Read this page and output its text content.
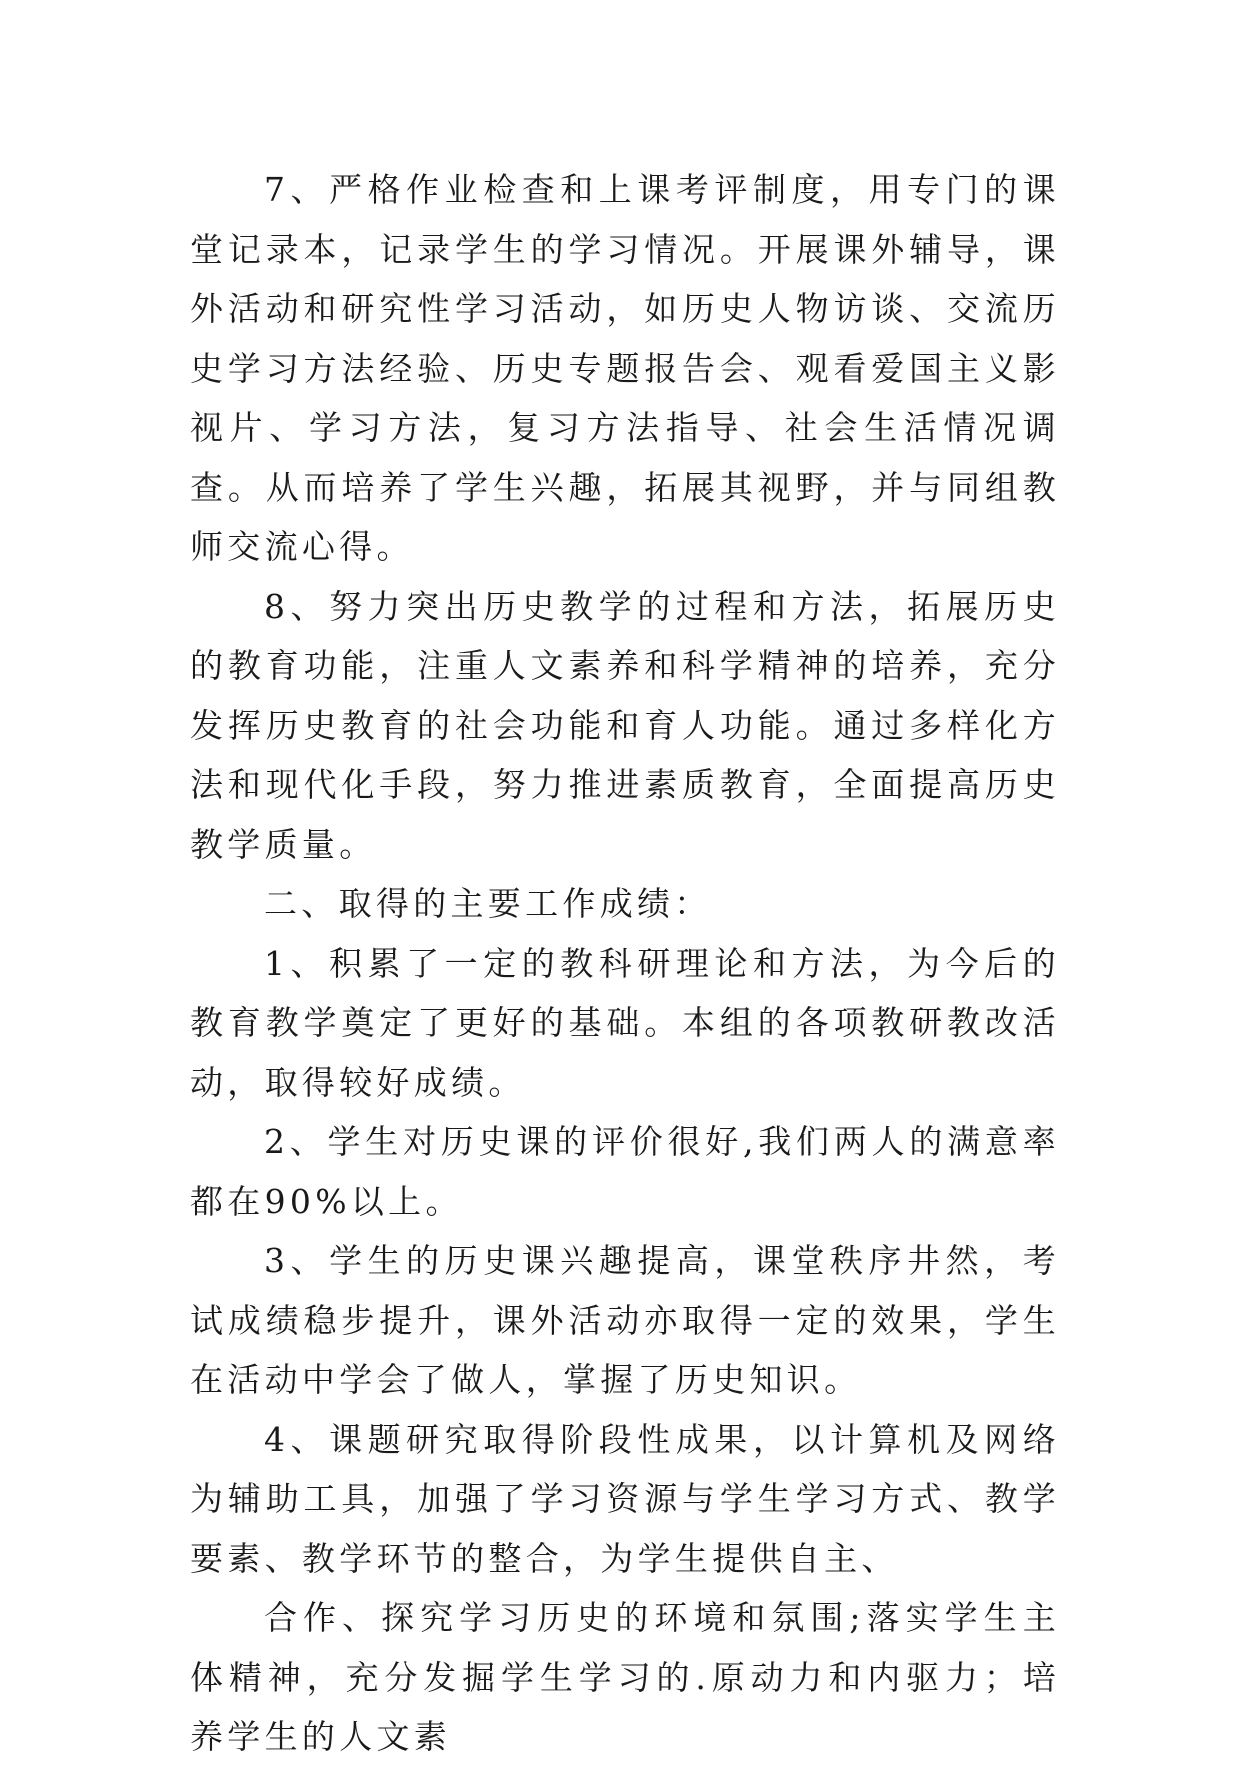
7、严格作业检查和上课考评制度，用专门的课堂记录本，记录学生的学习情况。开展课外辅导，课外活动和研究性学习活动，如历史人物访谈、交流历史学习方法经验、历史专题报告会、观看爱国主义影视片、学习方法，复习方法指导、社会生活情况调查。从而培养了学生兴趣，拓展其视野，并与同组教师交流心得。

8、努力突出历史教学的过程和方法，拓展历史的教育功能，注重人文素养和科学精神的培养，充分发挥历史教育的社会功能和育人功能。通过多样化方法和现代化手段，努力推进素质教育，全面提高历史教学质量。

二、取得的主要工作成绩：

1、积累了一定的教科研理论和方法，为今后的教育教学奠定了更好的基础。本组的各项教研教改活动，取得较好成绩。

2、学生对历史课的评价很好,我们两人的满意率都在90%以上。

3、学生的历史课兴趣提高，课堂秩序井然，考试成绩稳步提升，课外活动亦取得一定的效果，学生在活动中学会了做人，掌握了历史知识。

4、课题研究取得阶段性成果，以计算机及网络为辅助工具，加强了学习资源与学生学习方式、教学要素、教学环节的整合，为学生提供自主、

合作、探究学习历史的环境和氛围;落实学生主体精神，充分发掘学生学习的.原动力和内驱力；培养学生的人文素
